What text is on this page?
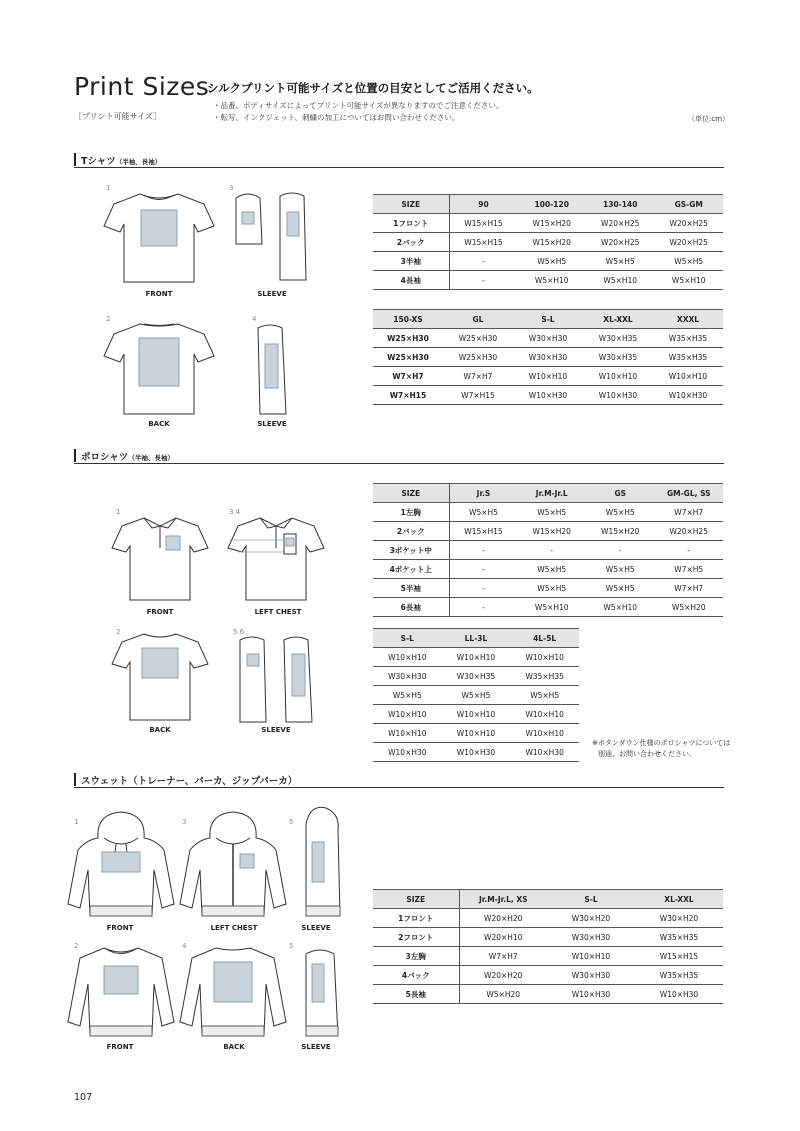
Print Sizes
［プリント可能サイズ］
シルクプリント可能サイズと位置の目安としてご活用ください。
・品番、ボディサイズによってプリント可能サイズが異なりますのでご注意ください。
・転写、インクジェット、刺繍の加工についてはお問い合わせください。	（単位:cm）
Tシャツ（半袖、長袖）
1
FRONT
3
SLEEVE
2
BACK
4
SLEEVE
SIZE	90	100-120	130-140	GS-GM
1フロント	W15×H15	W15×H20	W20×H25	W20×H25
2バック	W15×H15	W15×H20	W20×H25	W20×H25
3半袖	-	W5×H5	W5×H5	W5×H5
4長袖	-	W5×H10	W5×H10	W5×H10
150-XS	GL	S-L	XL-XXL	XXXL
W25×H30	W25×H30	W30×H30	W30×H35	W35×H35
W25×H30	W25×H30	W30×H30	W30×H35	W35×H35
W7×H7	W7×H7	W10×H10	W10×H10	W10×H10
W7×H15	W7×H15	W10×H30	W10×H30	W10×H30
ポロシャツ（半袖、長袖）
1
FRONT
3 4
LEFT CHEST
2
BACK
5 6
SLEEVE
SIZE	Jr.S	Jr.M-Jr.L	GS	GM-GL, SS
1左胸	W5×H5	W5×H5	W5×H5	W7×H7
2バック	W15×H15	W15×H20	W15×H20	W20×H25
3ポケット中	-	-	-	-
4ポケット上	-	W5×H5	W5×H5	W7×H5
5半袖	-	W5×H5	W5×H5	W7×H7
6長袖	-	W5×H10	W5×H10	W5×H20
S-L	LL-3L	4L-5L
W10×H10	W10×H10	W10×H10
W30×H30	W30×H35	W35×H35
W5×H5	W5×H5	W5×H5
W10×H10	W10×H10	W10×H10
W10×H10	W10×H10	W10×H10
W10×H30	W10×H30	W10×H30
※ボタンダウン仕様のポロシャツについては
別途、お問い合わせください。
スウェット（トレーナー、パーカ、ジップパーカ）
1
FRONT
3
LEFT CHEST
5
SLEEVE
2
FRONT
4
BACK
5
SLEEVE
SIZE	Jr.M-Jr.L, XS	S-L	XL-XXL
1フロント	W20×H20	W30×H20	W30×H20
2フロント	W20×H10	W30×H30	W35×H35
3左胸	W7×H7	W10×H10	W15×H15
4バック	W20×H20	W30×H30	W35×H35
5長袖	W5×H20	W10×H30	W10×H30
107
